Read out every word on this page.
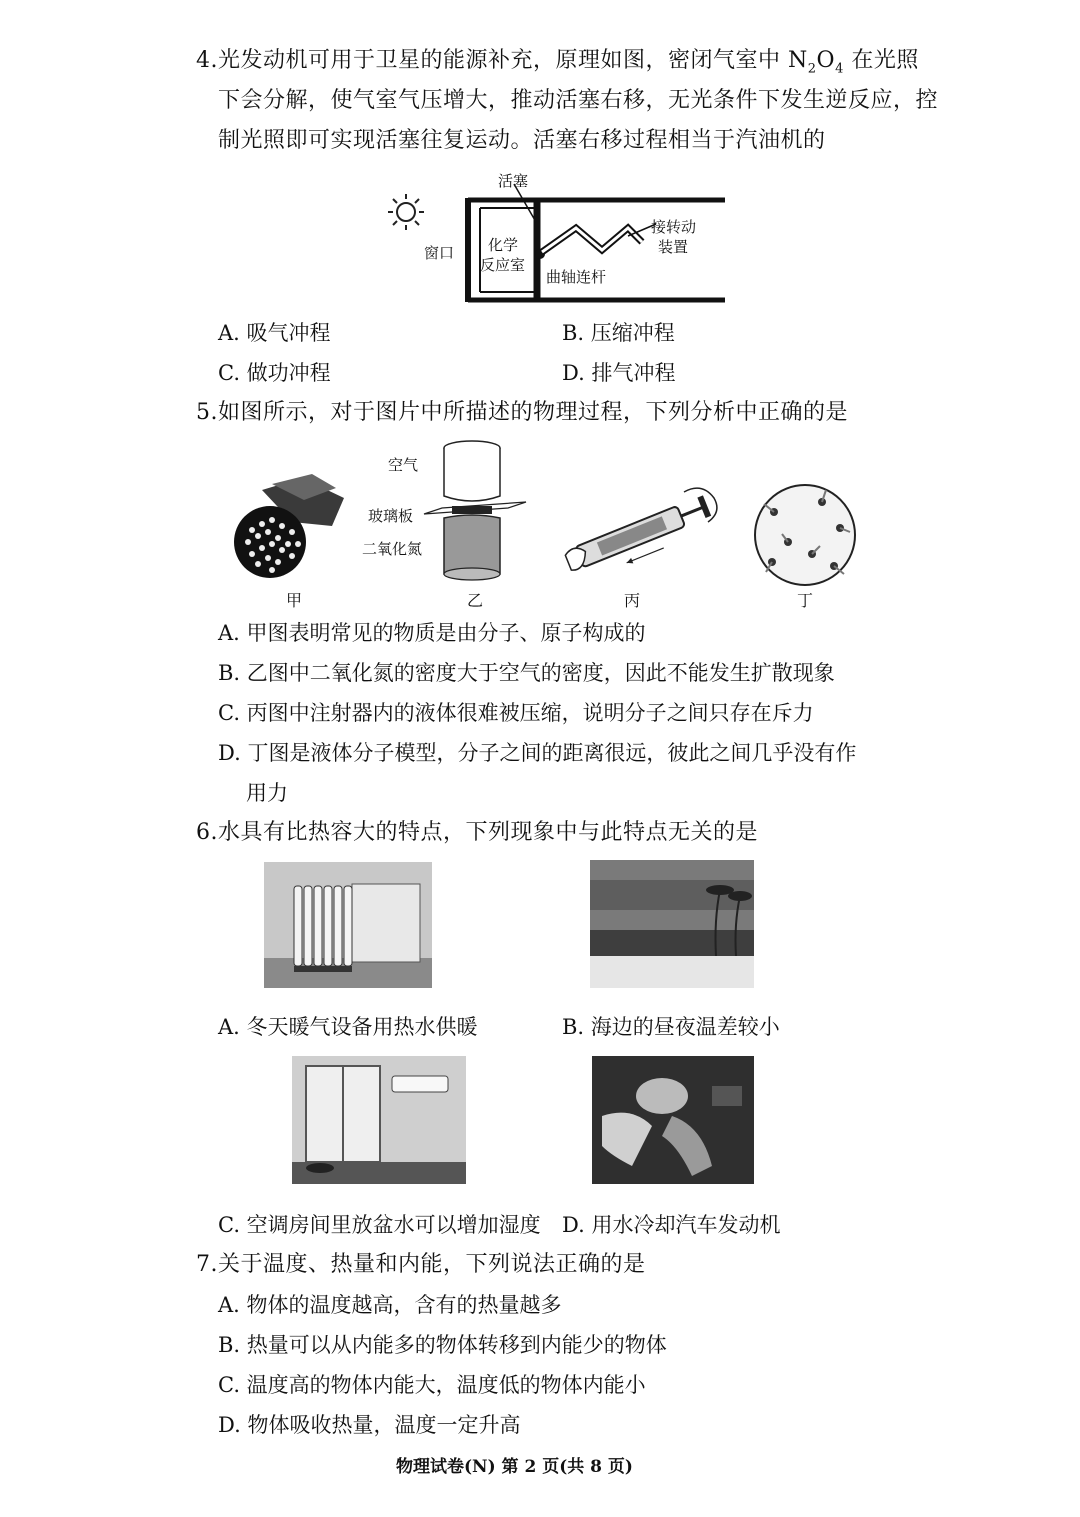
4.光发动机可用于卫星的能源补充，原理如图，密闭气室中 $N_2O_4$ 在光照
下会分解，使气室气压增大，推动活塞右移，无光条件下发生逆反应，控
制光照即可实现活塞往复运动。活塞右移过程相当于汽油机的
活塞
窗口 化学
反应室
曲轴连杆
接转动
装置
A. 吸气冲程	B. 压缩冲程
C. 做功冲程	D. 排气冲程
5.如图所示，对于图片中所描述的物理过程，下列分析中正确的是
空气
玻璃板
二氧化氮
甲	乙	丙	丁
A. 甲图表明常见的物质是由分子、原子构成的
B. 乙图中二氧化氮的密度大于空气的密度，因此不能发生扩散现象
C. 丙图中注射器内的液体很难被压缩，说明分子之间只存在斥力
D. 丁图是液体分子模型，分子之间的距离很远，彼此之间几乎没有作
用力
6.水具有比热容大的特点，下列现象中与此特点无关的是
A. 冬天暖气设备用热水供暖	B. 海边的昼夜温差较小
C. 空调房间里放盆水可以增加湿度 D. 用水冷却汽车发动机
7.关于温度、热量和内能，下列说法正确的是
A. 物体的温度越高，含有的热量越多
B. 热量可以从内能多的物体转移到内能少的物体
C. 温度高的物体内能大，温度低的物体内能小
D. 物体吸收热量，温度一定升高
物理试卷(N) 第 2 页(共 8 页)
